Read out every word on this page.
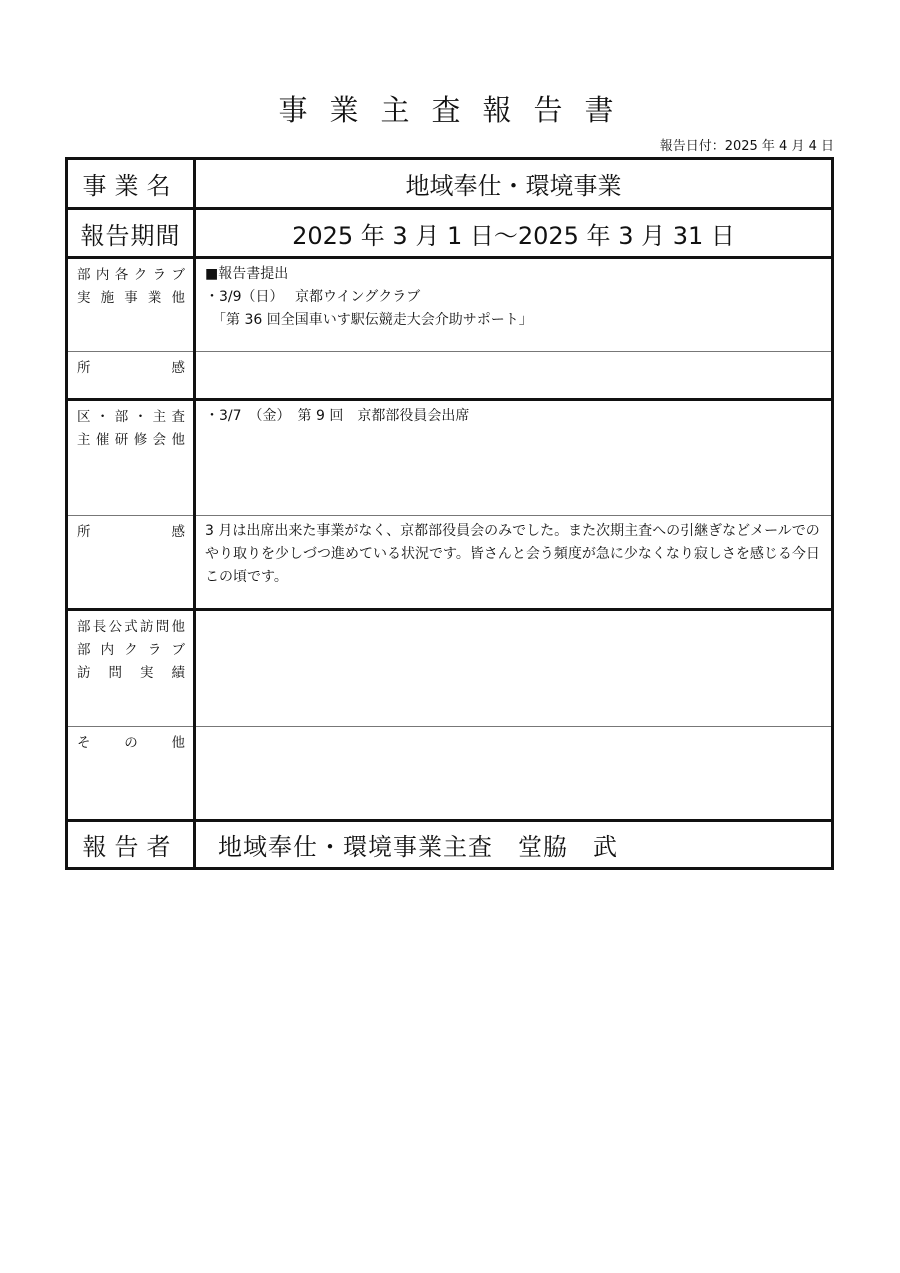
事業主査報告書

報告日付：2025 年 4 月 4 日

事業名	地域奉仕・環境事業
報告期間	2025 年 3 月 1 日～2025 年 3 月 31 日

部内各クラブ
実施事業他	■報告書提出
・3/9（日）　 京都ウイングクラブ
　「第 36 回全国車いす駅伝競走大会介助サポート」

所感	

区・部・主査
主催研修会他	・3/7　（金）　第 9 回　京都部役員会出席

所感	3 月は出席出来た事業がなく、京都部役員会のみでした。また次期主査への引継ぎなどメールでのやり取りを少しづつ進めている状況です。皆さんと会う頻度が急に少なくなり寂しさを感じる今日この頃です。

部長公式訪問他
部内クラブ
訪問実績	

その他	

報告者	地域奉仕・環境事業主査　堂脇　武
